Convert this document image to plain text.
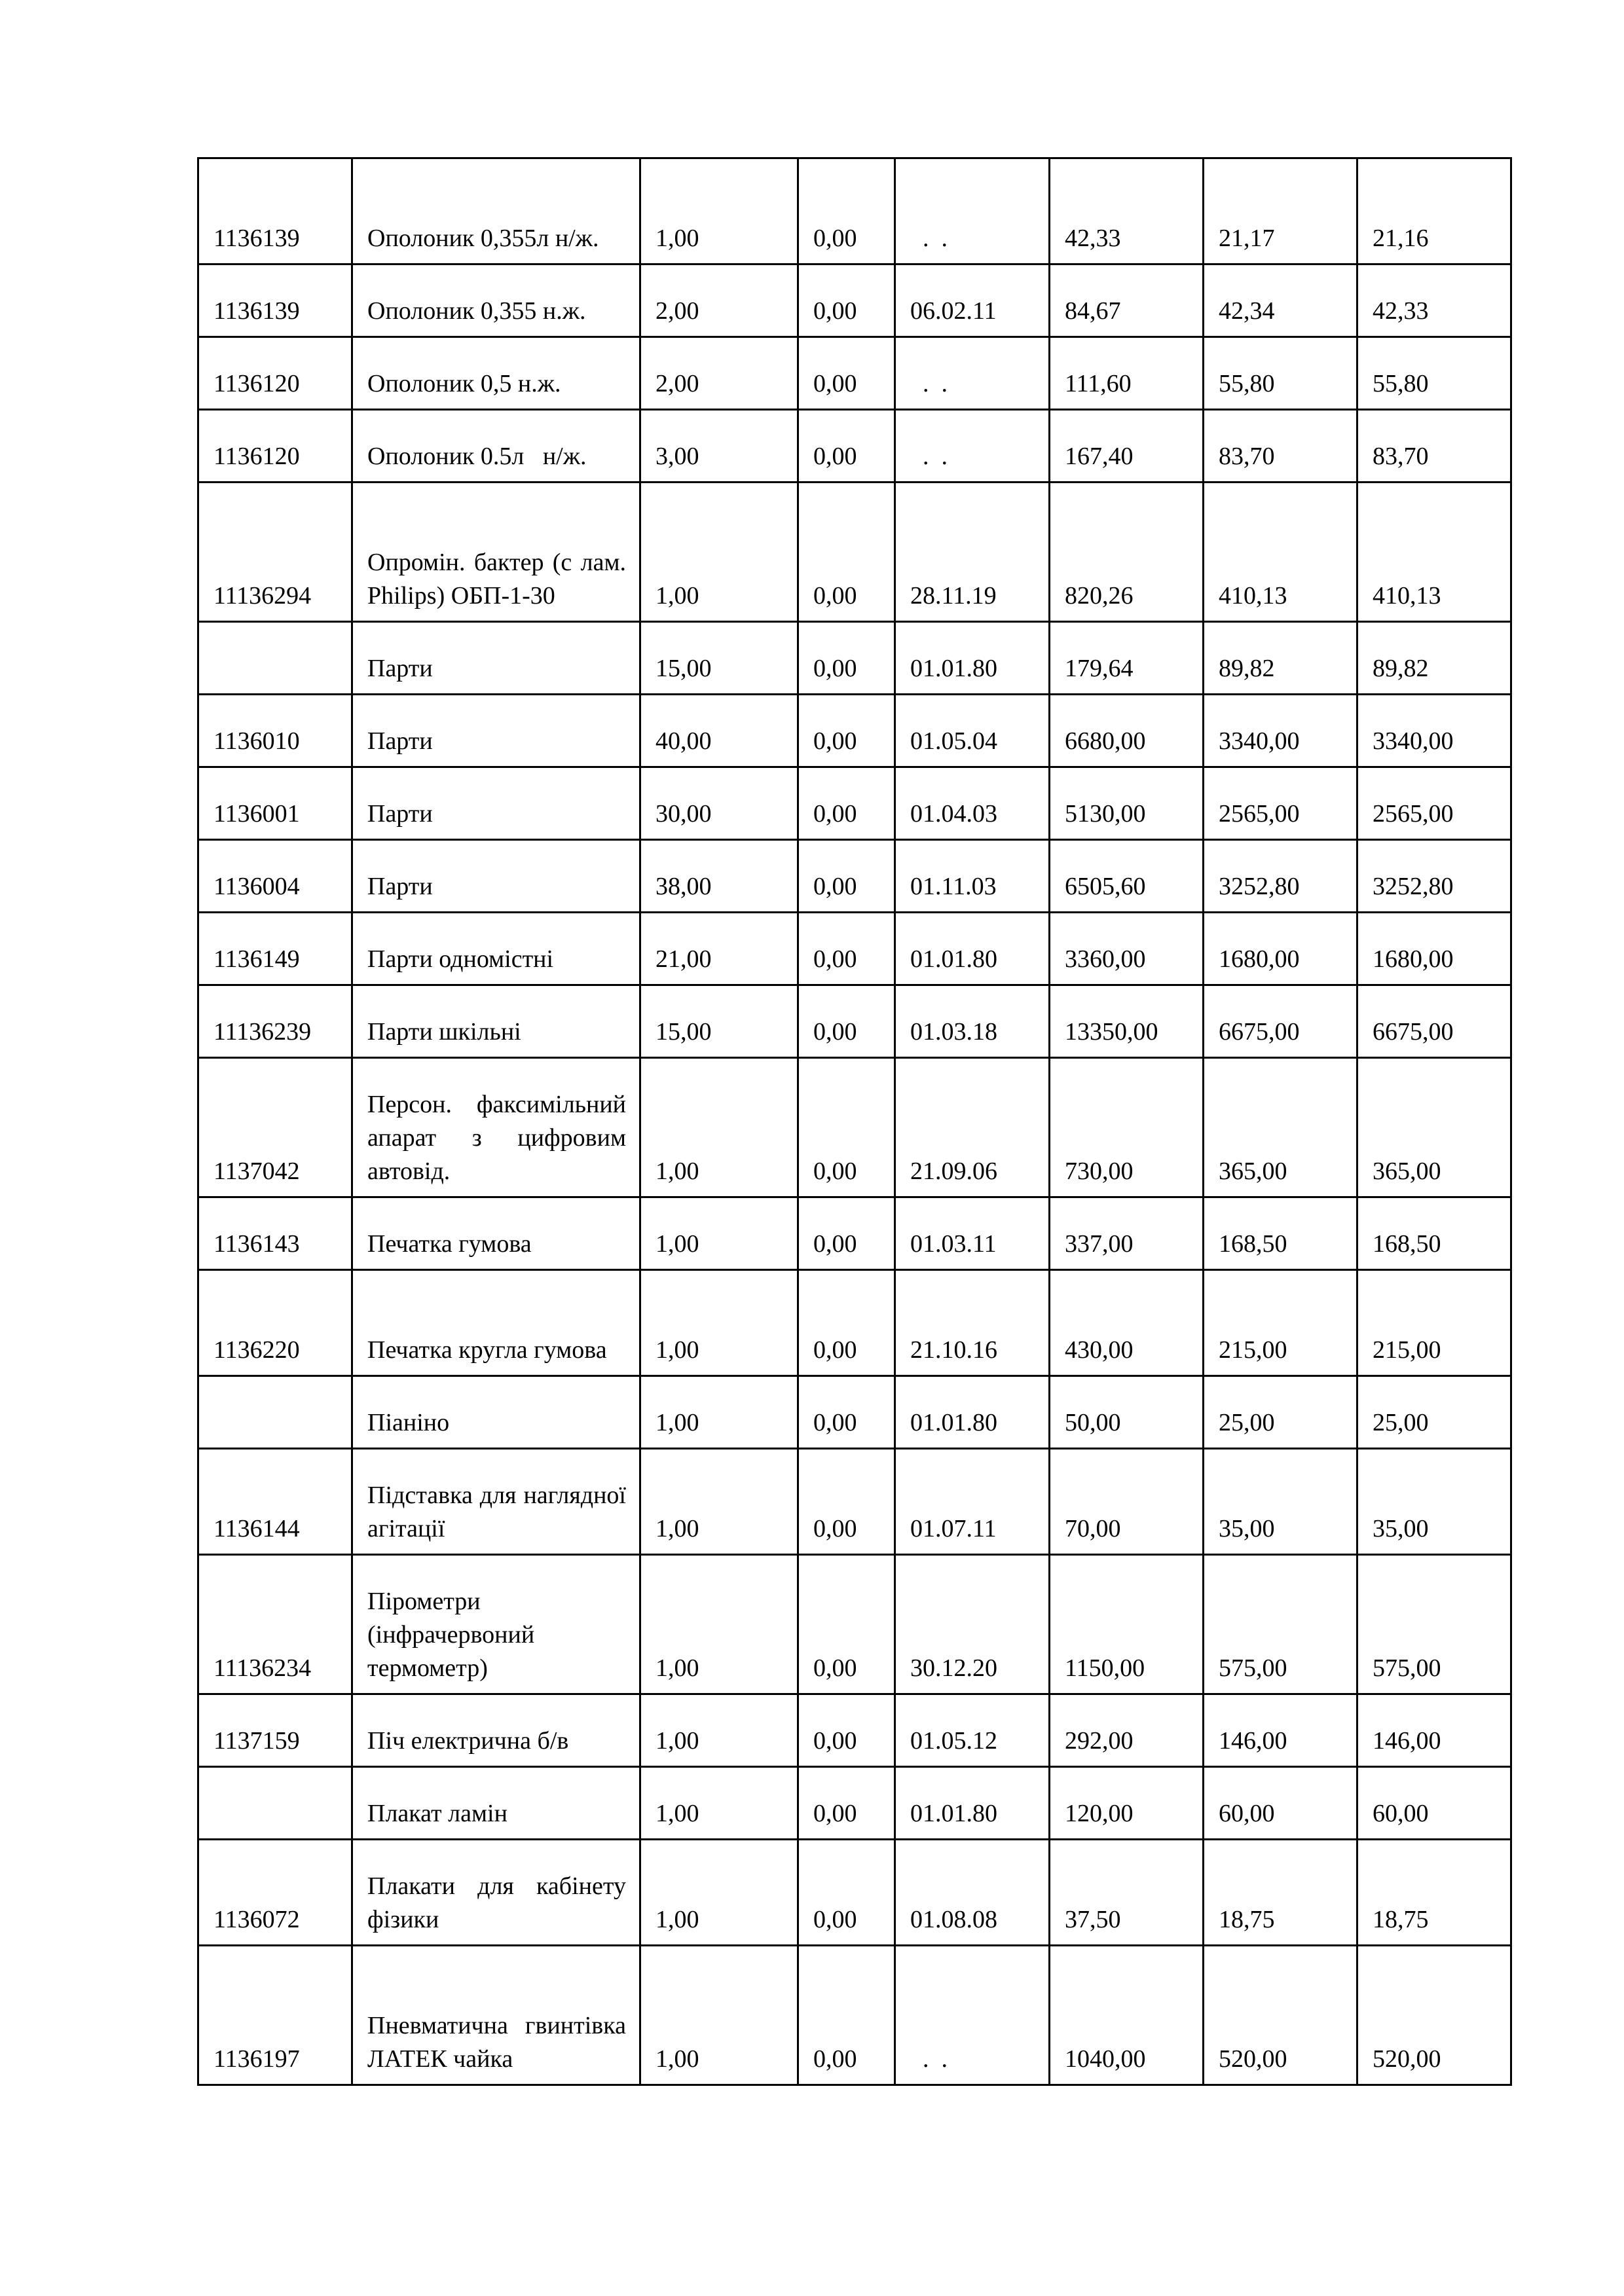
1136139	Ополоник 0,355л н/ж.	1,00	0,00	.  .	42,33	21,17	21,16
1136139	Ополоник 0,355 н.ж.	2,00	0,00	06.02.11	84,67	42,34	42,33
1136120	Ополоник 0,5 н.ж.	2,00	0,00	.  .	111,60	55,80	55,80
1136120	Ополоник 0.5л   н/ж.	3,00	0,00	.  .	167,40	83,70	83,70
11136294	Опромін. бактер (с лам. Philips) ОБП-1-30	1,00	0,00	28.11.19	820,26	410,13	410,13
	Парти	15,00	0,00	01.01.80	179,64	89,82	89,82
1136010	Парти	40,00	0,00	01.05.04	6680,00	3340,00	3340,00
1136001	Парти	30,00	0,00	01.04.03	5130,00	2565,00	2565,00
1136004	Парти	38,00	0,00	01.11.03	6505,60	3252,80	3252,80
1136149	Парти одномістні	21,00	0,00	01.01.80	3360,00	1680,00	1680,00
11136239	Парти шкільні	15,00	0,00	01.03.18	13350,00	6675,00	6675,00
1137042	Персон. факсимільний апарат з цифровим автовід.	1,00	0,00	21.09.06	730,00	365,00	365,00
1136143	Печатка гумова	1,00	0,00	01.03.11	337,00	168,50	168,50
1136220	Печатка кругла гумова	1,00	0,00	21.10.16	430,00	215,00	215,00
	Піаніно	1,00	0,00	01.01.80	50,00	25,00	25,00
1136144	Підставка для наглядної агітації	1,00	0,00	01.07.11	70,00	35,00	35,00
11136234	Пірометри (інфрачервоний термометр)	1,00	0,00	30.12.20	1150,00	575,00	575,00
1137159	Піч електрична б/в	1,00	0,00	01.05.12	292,00	146,00	146,00
	Плакат ламін	1,00	0,00	01.01.80	120,00	60,00	60,00
1136072	Плакати для кабінету фізики	1,00	0,00	01.08.08	37,50	18,75	18,75
1136197	Пневматична гвинтівка ЛАТЕК чайка	1,00	0,00	.  .	1040,00	520,00	520,00
